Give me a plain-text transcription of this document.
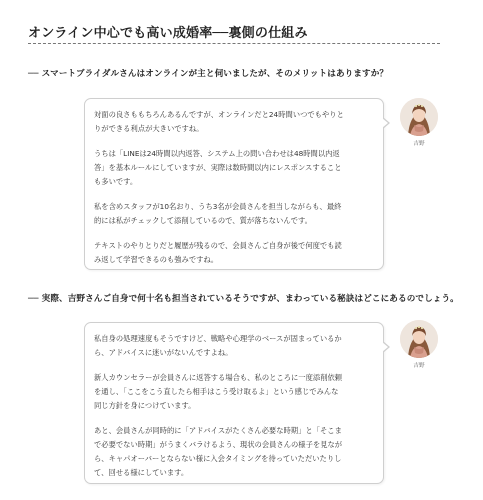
オンライン中心でも高い成婚率──裏側の仕組み
── スマートブライダルさんはオンラインが主と伺いましたが、そのメリットはありますか？

対面の良さももちろんあるんですが、オンラインだと24時間いつでもやりと
りができる利点が大きいですね。

うちは「LINEは24時間以内返答、システム上の問い合わせは48時間以内返
答」を基本ルールにしていますが、実際は数時間以内にレスポンスすること
も多いです。

私を含めスタッフが10名おり、うち3名が会員さんを担当しながらも、最終
的には私がチェックして添削しているので、質が落ちないんです。

テキストのやりとりだと履歴が残るので、会員さんご自身が後で何度でも読
み返して学習できるのも強みですね。

吉野
── 実際、吉野さんご自身で何十名も担当されているそうですが、まわっている秘訣はどこにあるのでしょう。

私自身の処理速度もそうですけど、戦略や心理学のベースが固まっているか
ら、アドバイスに迷いがないんですよね。

新人カウンセラーが会員さんに返答する場合も、私のところに一度添削依頼
を通し、「ここをこう直したら相手はこう受け取るよ」という感じでみんな
同じ方針を身につけています。

あと、会員さんが同時的に「アドバイスがたくさん必要な時期」と「そこま
で必要でない時期」がうまくバラけるよう、現状の会員さんの様子を見なが
ら、キャパオーバーとならない様に入会タイミングを待っていただいたりし
て、回せる様にしています。

吉野
